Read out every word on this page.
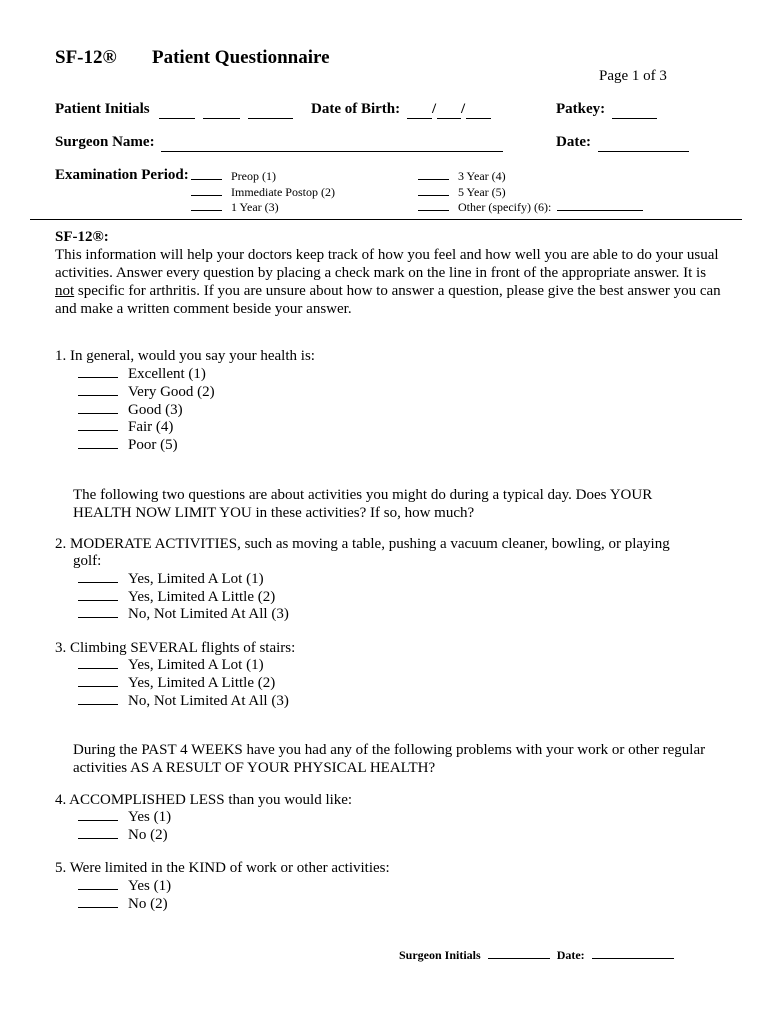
SF-12® Patient Questionnaire
Page 1 of 3
Patient Initials	Date of Birth: / /	Patkey:
Surgeon Name:	Date:
Examination Period:	Preop (1)
Immediate Postop (2)
1 Year (3)
3 Year (4)
5 Year (5)
Other (specify) (6):
SF-12®:
This information will help your doctors keep track of how you feel and how well you are able to do your usual activities. Answer every question by placing a check mark on the line in front of the appropriate answer. It is not specific for arthritis. If you are unsure about how to answer a question, please give the best answer you can and make a written comment beside your answer.
1. In general, would you say your health is:
Excellent (1)
Very Good (2)
Good (3)
Fair (4)
Poor (5)
The following two questions are about activities you might do during a typical day. Does YOUR HEALTH NOW LIMIT YOU in these activities? If so, how much?
2. MODERATE ACTIVITIES, such as moving a table, pushing a vacuum cleaner, bowling, or playing
golf:
Yes, Limited A Lot (1)
Yes, Limited A Little (2)
No, Not Limited At All (3)
3. Climbing SEVERAL flights of stairs:
Yes, Limited A Lot (1)
Yes, Limited A Little (2)
No, Not Limited At All (3)
During the PAST 4 WEEKS have you had any of the following problems with your work or other regular activities AS A RESULT OF YOUR PHYSICAL HEALTH?
4. ACCOMPLISHED LESS than you would like:
Yes (1)
No (2)
5. Were limited in the KIND of work or other activities:
Yes (1)
No (2)
Surgeon Initials	Date:
